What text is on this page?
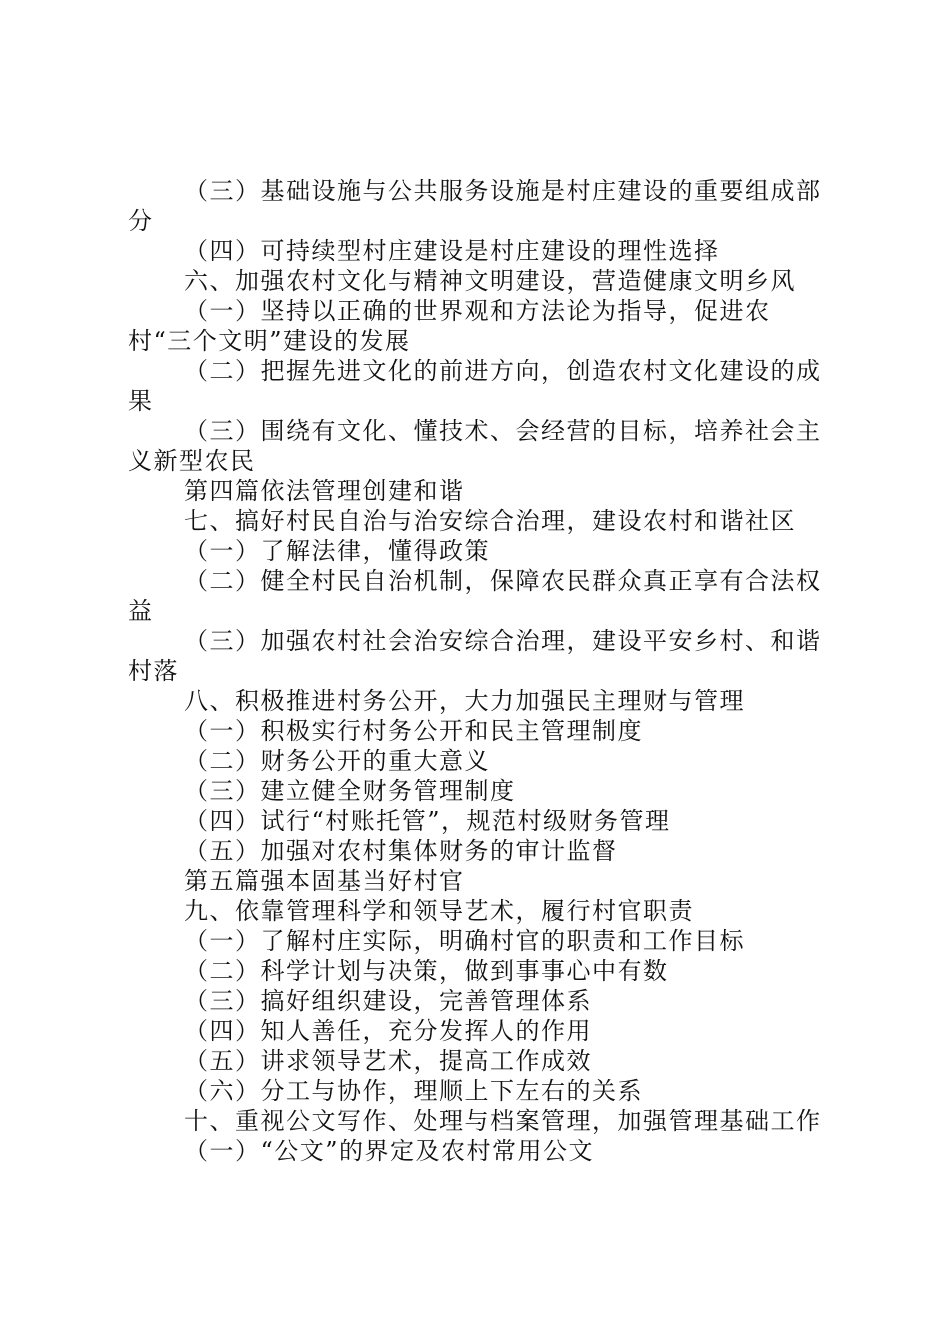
（三）基础设施与公共服务设施是村庄建设的重要组成部分

（四）可持续型村庄建设是村庄建设的理性选择

六、加强农村文化与精神文明建设，营造健康文明乡风

（一）坚持以正确的世界观和方法论为指导，促进农村“三个文明”建设的发展

（二）把握先进文化的前进方向，创造农村文化建设的成果

（三）围绕有文化、懂技术、会经营的目标，培养社会主义新型农民

第四篇依法管理创建和谐

七、搞好村民自治与治安综合治理，建设农村和谐社区

（一）了解法律，懂得政策

（二）健全村民自治机制，保障农民群众真正享有合法权益

（三）加强农村社会治安综合治理，建设平安乡村、和谐村落

八、积极推进村务公开，大力加强民主理财与管理

（一）积极实行村务公开和民主管理制度

（二）财务公开的重大意义

（三）建立健全财务管理制度

（四）试行“村账托管”，规范村级财务管理

（五）加强对农村集体财务的审计监督

第五篇强本固基当好村官

九、依靠管理科学和领导艺术，履行村官职责

（一）了解村庄实际，明确村官的职责和工作目标

（二）科学计划与决策，做到事事心中有数

（三）搞好组织建设，完善管理体系

（四）知人善任，充分发挥人的作用

（五）讲求领导艺术，提高工作成效

（六）分工与协作，理顺上下左右的关系

十、重视公文写作、处理与档案管理，加强管理基础工作

（一）“公文”的界定及农村常用公文
